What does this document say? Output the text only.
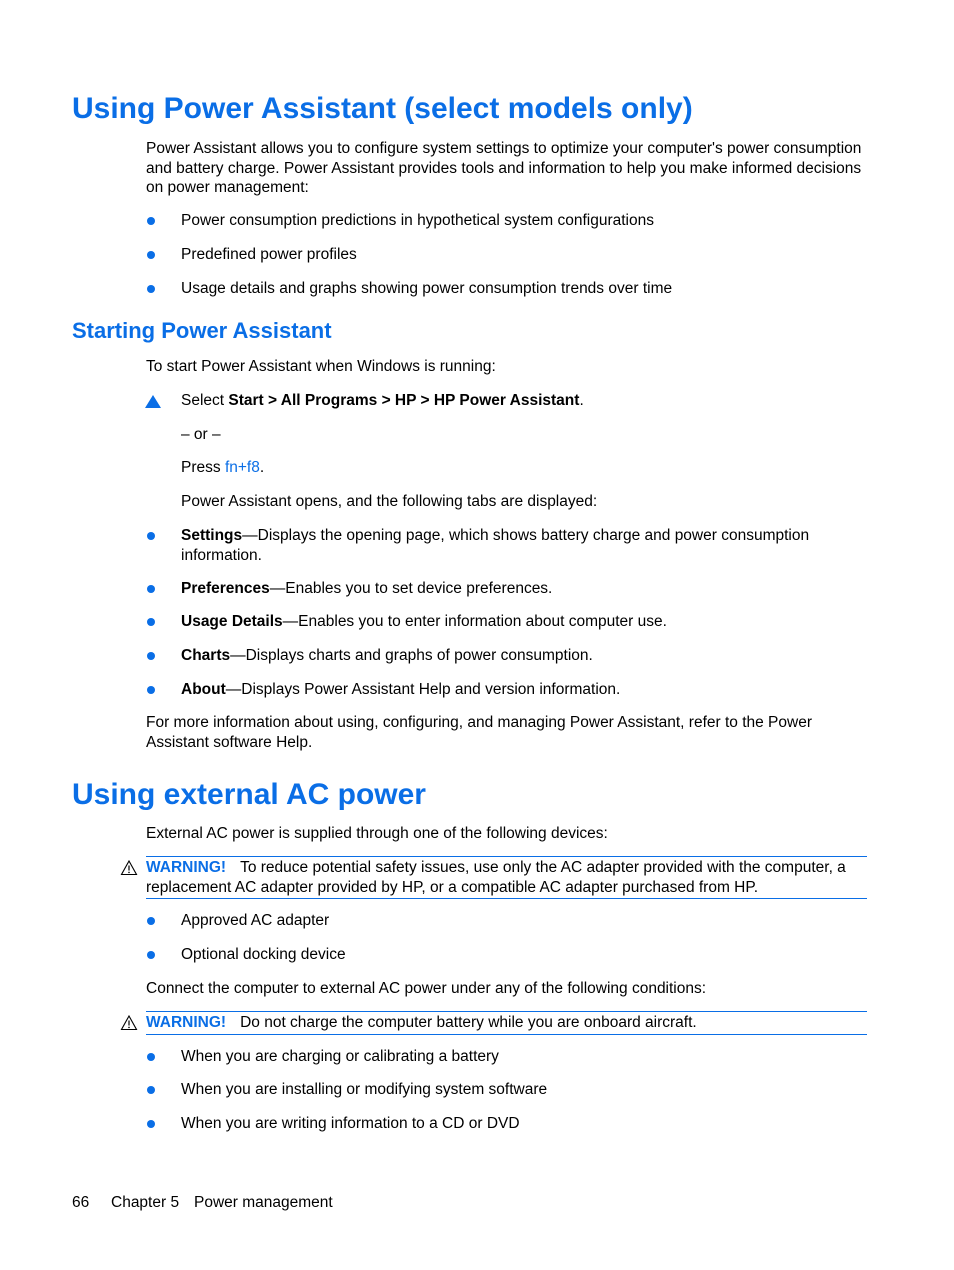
Using Power Assistant (select models only)
Power Assistant allows you to configure system settings to optimize your computer's power consumption and battery charge. Power Assistant provides tools and information to help you make informed decisions on power management:
Power consumption predictions in hypothetical system configurations
Predefined power profiles
Usage details and graphs showing power consumption trends over time
Starting Power Assistant
To start Power Assistant when Windows is running:
Select Start > All Programs > HP > HP Power Assistant.
– or –
Press fn+f8.
Power Assistant opens, and the following tabs are displayed:
Settings—Displays the opening page, which shows battery charge and power consumption information.
Preferences—Enables you to set device preferences.
Usage Details—Enables you to enter information about computer use.
Charts—Displays charts and graphs of power consumption.
About—Displays Power Assistant Help and version information.
For more information about using, configuring, and managing Power Assistant, refer to the Power Assistant software Help.
Using external AC power
External AC power is supplied through one of the following devices:
WARNING! To reduce potential safety issues, use only the AC adapter provided with the computer, a replacement AC adapter provided by HP, or a compatible AC adapter purchased from HP.
Approved AC adapter
Optional docking device
Connect the computer to external AC power under any of the following conditions:
WARNING! Do not charge the computer battery while you are onboard aircraft.
When you are charging or calibrating a battery
When you are installing or modifying system software
When you are writing information to a CD or DVD
66 Chapter 5 Power management
